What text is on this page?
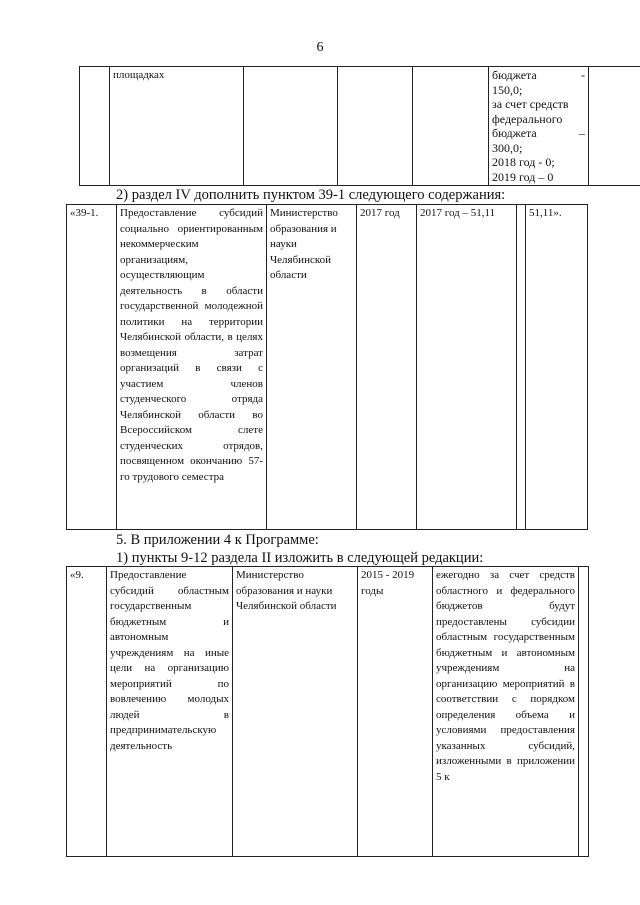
6
	площадках				бюджета -
150,0;
за счет средств
федерального
бюджета –
300,0;
2018 год - 0;
2019 год – 0

2) раздел IV дополнить пунктом 39-1 следующего содержания:
«39-1.	Предоставление субсидий социально ориентированным некоммерческим организациям, осуществляющим деятельность в области государственной молодежной политики на территории Челябинской области, в целях возмещения затрат организаций в связи с участием членов студенческого отряда Челябинской области во Всероссийском слете студенческих отрядов, посвященном окончанию 57-го трудового семестра	Министерство образования и науки Челябинской области	2017 год	2017 год – 51,11		51,11».
5. В приложении 4 к Программе:
1) пункты 9-12 раздела II изложить в следующей редакции:
«9.	Предоставление субсидий областным государственным бюджетным и автономным учреждениям на иные цели на организацию мероприятий по вовлечению молодых людей в предпринимательскую деятельность	Министерство образования и науки Челябинской области	2015 - 2019 годы	ежегодно за счет средств областного и федерального бюджетов будут предоставлены субсидии областным государственным бюджетным и автономным учреждениям на организацию мероприятий в соответствии с порядком определения объема и условиями предоставления указанных субсидий, изложенными в приложении 5 к	
